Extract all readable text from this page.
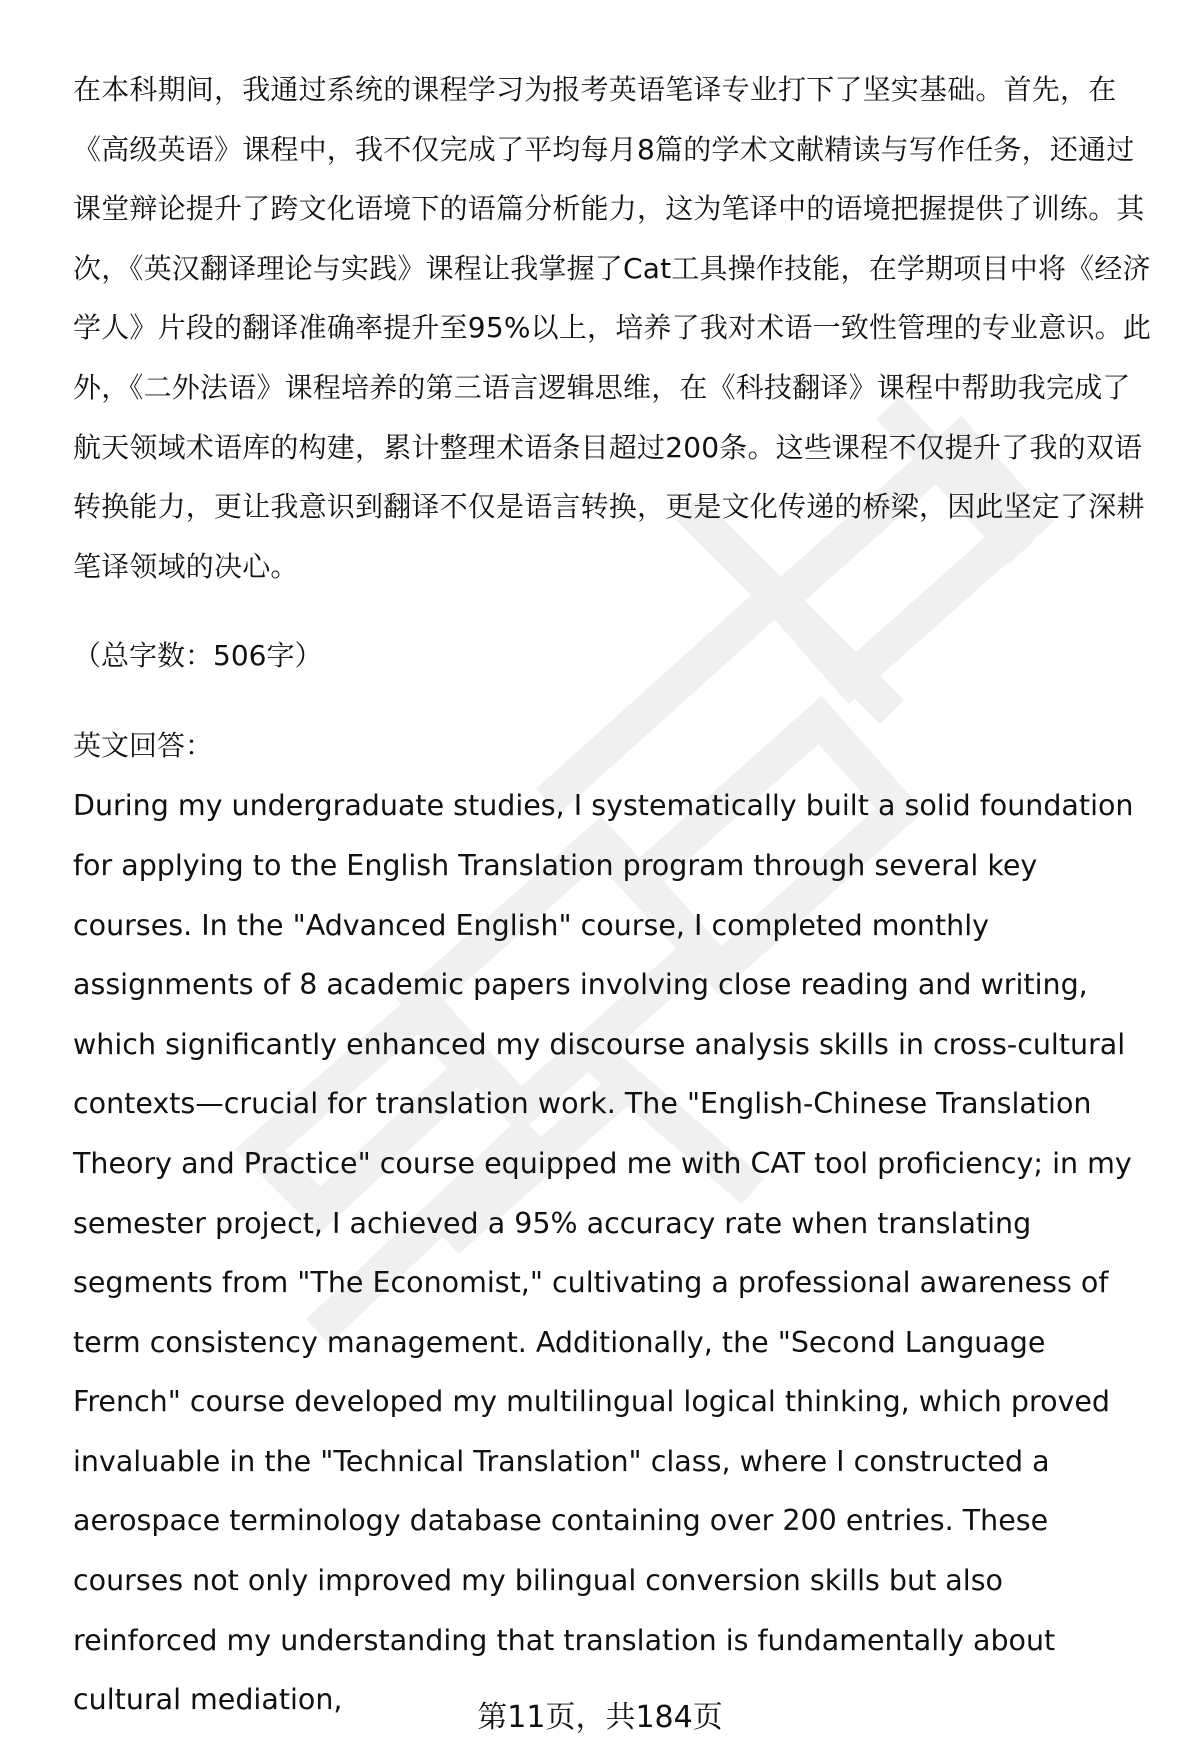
在本科期间，我通过系统的课程学习为报考英语笔译专业打下了坚实基础。首先，在《高级英语》课程中，我不仅完成了平均每月8篇的学术文献精读与写作任务，还通过课堂辩论提升了跨文化语境下的语篇分析能力，这为笔译中的语境把握提供了训练。其次，《英汉翻译理论与实践》课程让我掌握了Cat工具操作技能，在学期项目中将《经济学人》片段的翻译准确率提升至95%以上，培养了我对术语一致性管理的专业意识。此外，《二外法语》课程培养的第三语言逻辑思维，在《科技翻译》课程中帮助我完成了航天领域术语库的构建，累计整理术语条目超过200条。这些课程不仅提升了我的双语转换能力，更让我意识到翻译不仅是语言转换，更是文化传递的桥梁，因此坚定了深耕笔译领域的决心。

（总字数：506字）

英文回答：

During my undergraduate studies, I systematically built a solid foundation for applying to the English Translation program through several key courses. In the "Advanced English" course, I completed monthly assignments of 8 academic papers involving close reading and writing, which significantly enhanced my discourse analysis skills in cross-cultural contexts—crucial for translation work. The "English-Chinese Translation Theory and Practice" course equipped me with CAT tool proficiency; in my semester project, I achieved a 95% accuracy rate when translating segments from "The Economist," cultivating a professional awareness of term consistency management. Additionally, the "Second Language French" course developed my multilingual logical thinking, which proved invaluable in the "Technical Translation" class, where I constructed a aerospace terminology database containing over 200 entries. These courses not only improved my bilingual conversion skills but also reinforced my understanding that translation is fundamentally about cultural mediation,

第11页，共184页
